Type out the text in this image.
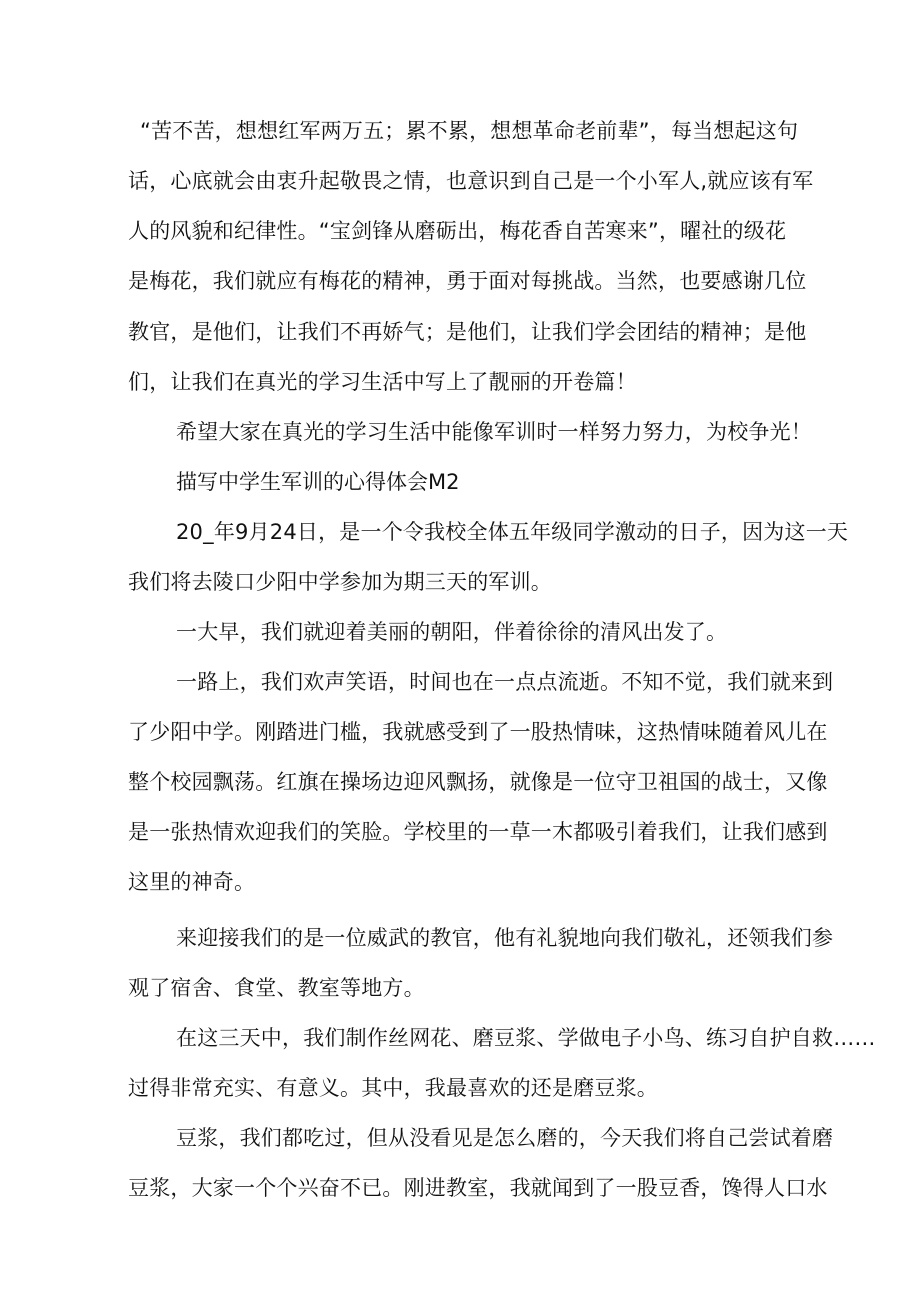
“苦不苦，想想红军两万五；累不累，想想革命老前辈”，每当想起这句
话，心底就会由衷升起敬畏之情，也意识到自己是一个小军人,就应该有军
人的风貌和纪律性。“宝剑锋从磨砺出，梅花香自苦寒来”，曜社的级花
是梅花，我们就应有梅花的精神，勇于面对每挑战。当然，也要感谢几位
教官，是他们，让我们不再娇气；是他们，让我们学会团结的精神；是他
们，让我们在真光的学习生活中写上了靓丽的开卷篇！
希望大家在真光的学习生活中能像军训时一样努力努力，为校争光！
描写中学生军训的心得体会M2
20_年9月24日，是一个令我校全体五年级同学激动的日子，因为这一天
我们将去陵口少阳中学参加为期三天的军训。
一大早，我们就迎着美丽的朝阳，伴着徐徐的清风出发了。
一路上，我们欢声笑语，时间也在一点点流逝。不知不觉，我们就来到
了少阳中学。刚踏进门槛，我就感受到了一股热情味，这热情味随着风儿在
整个校园飘荡。红旗在操场边迎风飘扬，就像是一位守卫祖国的战士，又像
是一张热情欢迎我们的笑脸。学校里的一草一木都吸引着我们，让我们感到
这里的神奇。
来迎接我们的是一位威武的教官，他有礼貌地向我们敬礼，还领我们参
观了宿舍、食堂、教室等地方。
在这三天中，我们制作丝网花、磨豆浆、学做电子小鸟、练习自护自救……
过得非常充实、有意义。其中，我最喜欢的还是磨豆浆。
豆浆，我们都吃过，但从没看见是怎么磨的，今天我们将自己尝试着磨
豆浆，大家一个个兴奋不已。刚进教室，我就闻到了一股豆香，馋得人口水
